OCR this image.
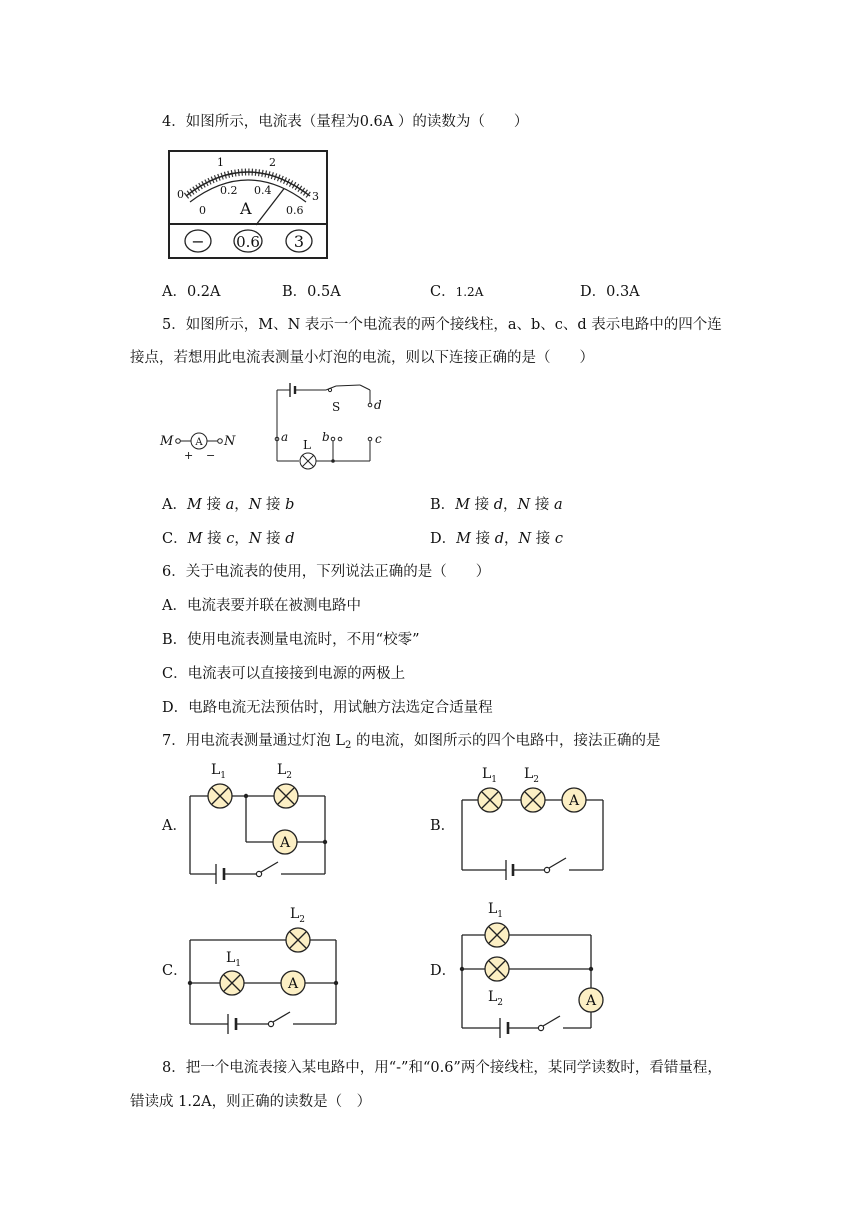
4．如图所示，电流表（量程为0.6A ）的读数为（　　）
0
1	2
3
0
0.2 0.4
0.6
A
− 0.6 3
A．0.2A	B．0.5A	C．1.2A	D．0.3A
5．如图所示，M、N 表示一个电流表的两个接线柱，a、b、c、d 表示电路中的四个连
接点，若想用此电流表测量小灯泡的电流，则以下连接正确的是（　　）
M A N
+ −
S	d
a
L
b	c
A．M 接 a，N 接 b	B．M 接 d，N 接 a
C．M 接 c，N 接 d	D．M 接 d，N 接 c
6．关于电流表的使用，下列说法正确的是（　　）
A．电流表要并联在被测电路中
B．使用电流表测量电流时，不用“校零”
C．电流表可以直接接到电源的两极上
D．电路电流无法预估时，用试触方法选定合适量程
7．用电流表测量通过灯泡 $L_2$ 的电流，如图所示的四个电路中，接法正确的是
A．	B．
C．	D．
A
$L_1$	$L_2$
A
$L_1$ $L_2$
A
$L_2$
$L_1$
A
$L_1$
$L_2$
8．把一个电流表接入某电路中，用“-”和“0.6”两个接线柱，某同学读数时，看错量程，
错读成 1.2A，则正确的读数是（　）
